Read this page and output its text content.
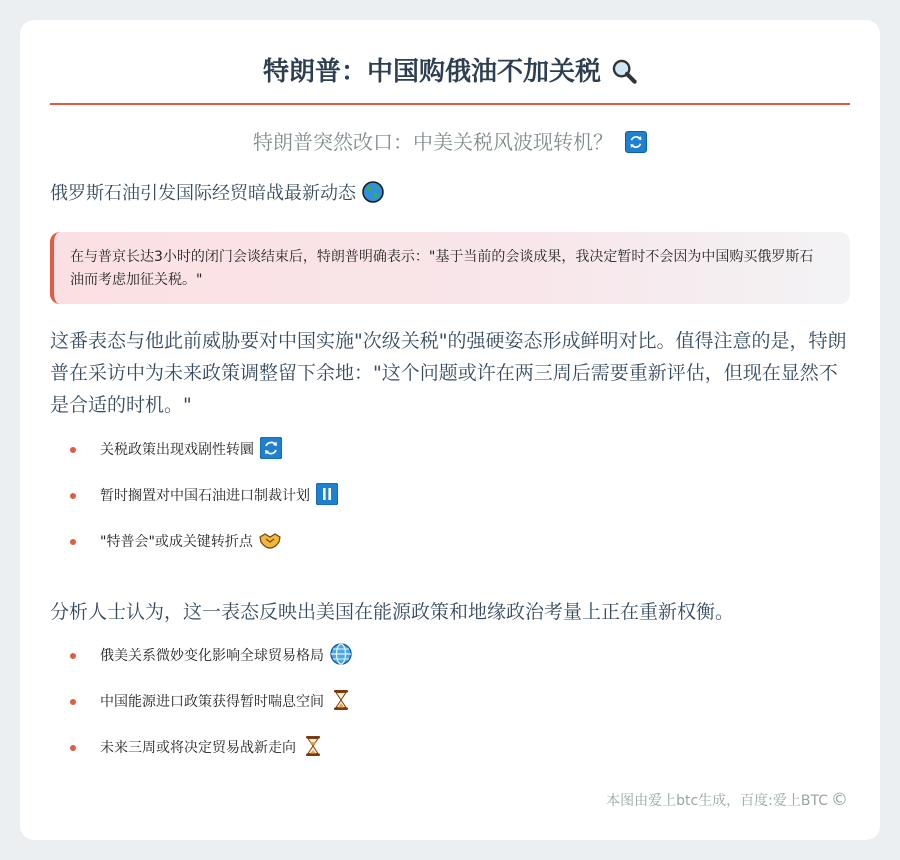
特朗普：中国购俄油不加关税
特朗普突然改口：中美关税风波现转机？
俄罗斯石油引发国际经贸暗战最新动态
在与普京长达3小时的闭门会谈结束后，特朗普明确表示："基于当前的会谈成果，我决定暂时不会因为中国购买俄罗斯石油而考虑加征关税。"
这番表态与他此前威胁要对中国实施"次级关税"的强硬姿态形成鲜明对比。值得注意的是，特朗普在采访中为未来政策调整留下余地："这个问题或许在两三周后需要重新评估，但现在显然不是合适的时机。"
关税政策出现戏剧性转圜
暂时搁置对中国石油进口制裁计划
"特普会"或成关键转折点
分析人士认为，这一表态反映出美国在能源政策和地缘政治考量上正在重新权衡。
俄美关系微妙变化影响全球贸易格局
中国能源进口政策获得暂时喘息空间
未来三周或将决定贸易战新走向
本图由爱上btc生成，百度:爱上BTC ©
